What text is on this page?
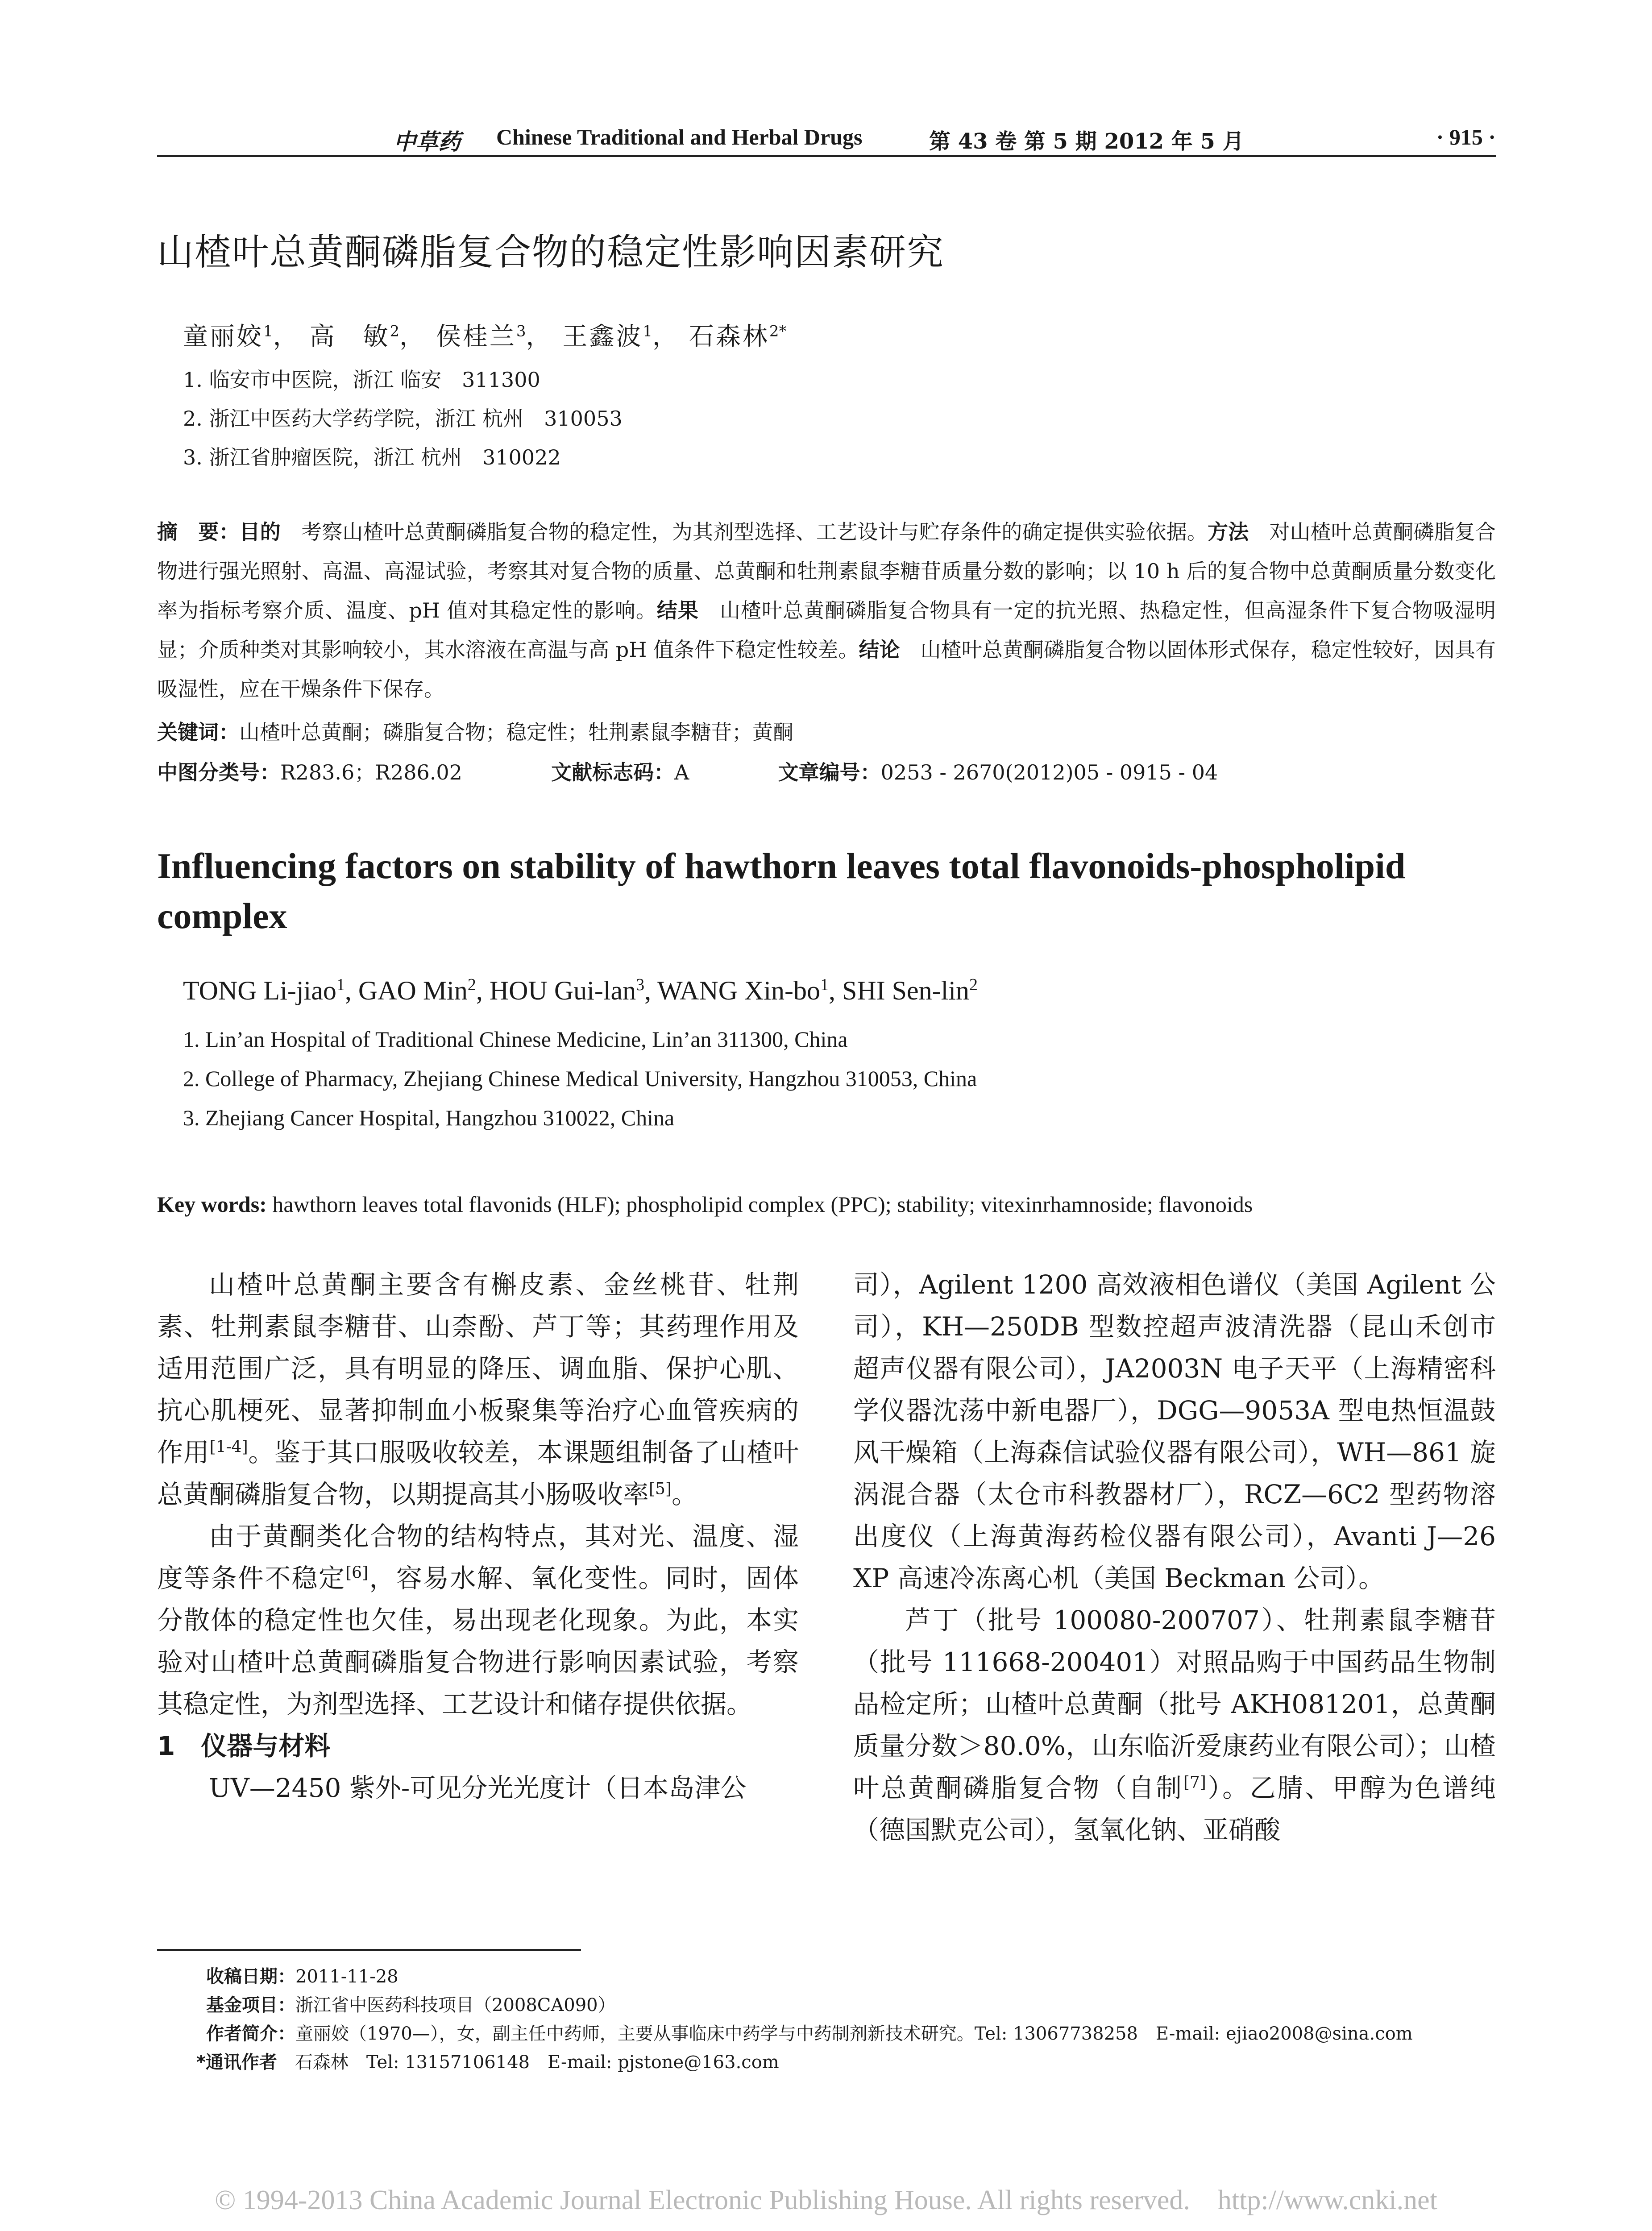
中草药 Chinese Traditional and Herbal Drugs	第 43 卷 第 5 期 2012 年 5 月	· 915 ·
山楂叶总黄酮磷脂复合物的稳定性影响因素研究
童丽姣$^1$， 高　敏$^2$， 侯桂兰$^3$， 王鑫波$^1$， 石森林$^{2*}$
1. 临安市中医院，浙江 临安　311300
2. 浙江中医药大学药学院，浙江 杭州　310053
3. 浙江省肿瘤医院，浙江 杭州　310022
摘　要：目的　考察山楂叶总黄酮磷脂复合物的稳定性，为其剂型选择、工艺设计与贮存条件的确定提供实验依据。方法　对山楂叶总黄酮磷脂复合物进行强光照射、高温、高湿试验，考察其对复合物的质量、总黄酮和牡荆素鼠李糖苷质量分数的影响；以 10 h 后的复合物中总黄酮质量分数变化率为指标考察介质、温度、pH 值对其稳定性的影响。结果　山楂叶总黄酮磷脂复合物具有一定的抗光照、热稳定性，但高湿条件下复合物吸湿明显；介质种类对其影响较小，其水溶液在高温与高 pH 值条件下稳定性较差。结论　山楂叶总黄酮磷脂复合物以固体形式保存，稳定性较好，因具有吸湿性，应在干燥条件下保存。
关键词：山楂叶总黄酮；磷脂复合物；稳定性；牡荆素鼠李糖苷；黄酮
中图分类号：R283.6；R286.02	文献标志码：A	文章编号：0253 - 2670(2012)05 - 0915 - 04
Influencing factors on stability of hawthorn leaves total flavonoids-phospholipid complex
TONG Li-jiao$^1$, GAO Min$^2$, HOU Gui-lan$^3$, WANG Xin-$bo^1$, SHI Sen-lin$^2$
1. Lin’an Hospital of Traditional Chinese Medicine, Lin’an 311300, China
2. College of Pharmacy, Zhejiang Chinese Medical University, Hangzhou 310053, China
3. Zhejiang Cancer Hospital, Hangzhou 310022, China
Key words: hawthorn leaves total flavonids (HLF); phospholipid complex (PPC); stability; vitexinrhamnoside; flavonoids

山楂叶总黄酮主要含有槲皮素、金丝桃苷、牡荆素、牡荆素鼠李糖苷、山柰酚、芦丁等；其药理作用及适用范围广泛，具有明显的降压、调血脂、保护心肌、抗心肌梗死、显著抑制血小板聚集等治疗心血管疾病的作用[1-4]。鉴于其口服吸收较差，本课题组制备了山楂叶总黄酮磷脂复合物，以期提高其小肠吸收率[5]。

由于黄酮类化合物的结构特点，其对光、温度、湿度等条件不稳定[6]，容易水解、氧化变性。同时，固体分散体的稳定性也欠佳，易出现老化现象。为此，本实验对山楂叶总黄酮磷脂复合物进行影响因素试验，考察其稳定性，为剂型选择、工艺设计和储存提供依据。

1　仪器与材料

UV—2450 紫外-可见分光光度计（日本岛津公

司），Agilent 1200 高效液相色谱仪（美国 Agilent 公司），KH—250DB 型数控超声波清洗器（昆山禾创市超声仪器有限公司），JA2003N 电子天平（上海精密科学仪器沈荡中新电器厂），DGG—9053A 型电热恒温鼓风干燥箱（上海森信试验仪器有限公司），WH—861 旋涡混合器（太仓市科教器材厂），RCZ—6C2 型药物溶出度仪（上海黄海药检仪器有限公司），Avanti J—26 XP 高速冷冻离心机（美国 Beckman 公司）。

芦丁（批号 100080-200707）、牡荆素鼠李糖苷（批号 111668-200401）对照品购于中国药品生物制品检定所；山楂叶总黄酮（批号 AKH081201，总黄酮质量分数＞80.0%，山东临沂爱康药业有限公司）；山楂叶总黄酮磷脂复合物（自制[7]）。乙腈、甲醇为色谱纯（德国默克公司），氢氧化钠、亚硝酸

收稿日期：2011-11-28
基金项目：浙江省中医药科技项目（2008CA090）
作者简介：童丽姣（1970—），女，副主任中药师，主要从事临床中药学与中药制剂新技术研究。Tel: 13067738258　E-mail: ejiao2008@sina.com
*通讯作者　石森林　Tel: 13157106148　E-mail: pjstone@163.com
© 1994-2013 China Academic Journal Electronic Publishing House. All rights reserved.　http://www.cnki.net
